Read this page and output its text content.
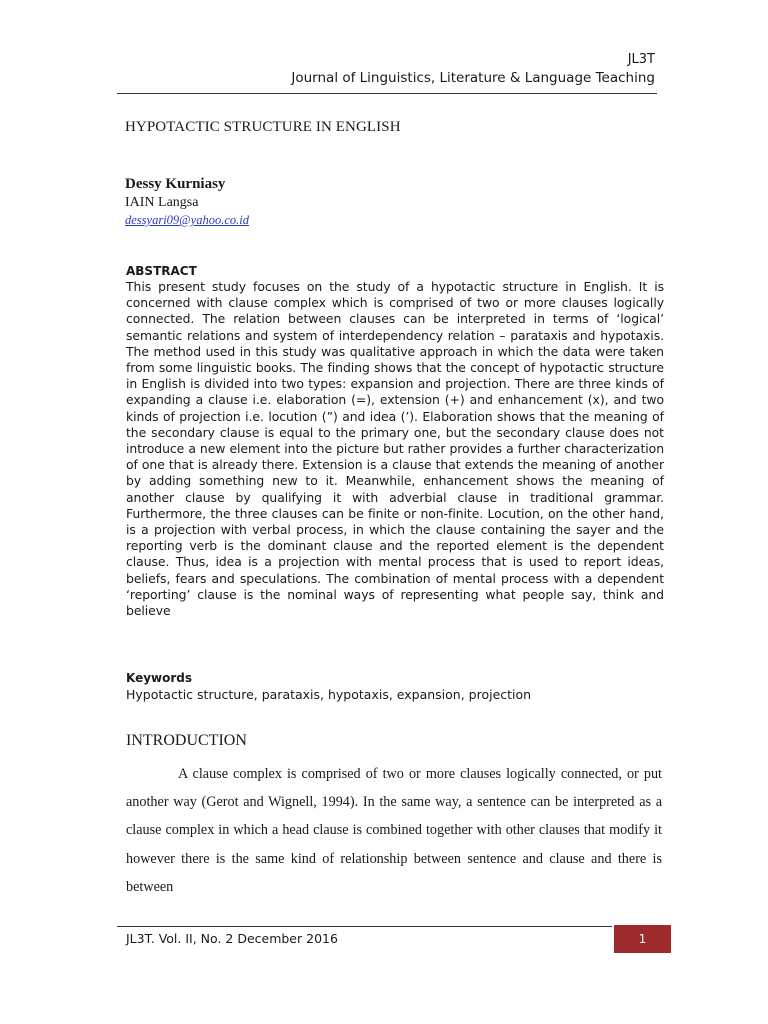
JL3T
Journal of Linguistics, Literature & Language Teaching
HYPOTACTIC STRUCTURE IN ENGLISH
Dessy Kurniasy
IAIN Langsa
dessyari09@yahoo.co.id
ABSTRACT
This present study focuses on the study of a hypotactic structure in English. It is concerned with clause complex which is comprised of two or more clauses logically connected. The relation between clauses can be interpreted in terms of ‘logical’ semantic relations and system of interdependency relation – parataxis and hypotaxis. The method used in this study was qualitative approach in which the data were taken from some linguistic books. The finding shows that the concept of hypotactic structure in English is divided into two types: expansion and projection. There are three kinds of expanding a clause i.e. elaboration (=), extension (+) and enhancement (x), and two kinds of projection i.e. locution (”) and idea (’). Elaboration shows that the meaning of the secondary clause is equal to the primary one, but the secondary clause does not introduce a new element into the picture but rather provides a further characterization of one that is already there. Extension is a clause that extends the meaning of another by adding something new to it. Meanwhile, enhancement shows the meaning of another clause by qualifying it with adverbial clause in traditional grammar. Furthermore, the three clauses can be finite or non-finite. Locution, on the other hand, is a projection with verbal process, in which the clause containing the sayer and the reporting verb is the dominant clause and the reported element is the dependent clause. Thus, idea is a projection with mental process that is used to report ideas, beliefs, fears and speculations. The combination of mental process with a dependent ‘reporting’ clause is the nominal ways of representing what people say, think and believe
Keywords
Hypotactic structure, parataxis, hypotaxis, expansion, projection
INTRODUCTION
A clause complex is comprised of two or more clauses logically connected, or put another way (Gerot and Wignell, 1994). In the same way, a sentence can be interpreted as a clause complex in which a head clause is combined together with other clauses that modify it however there is the same kind of relationship between sentence and clause and there is between
JL3T. Vol. II, No. 2 December 2016	1
